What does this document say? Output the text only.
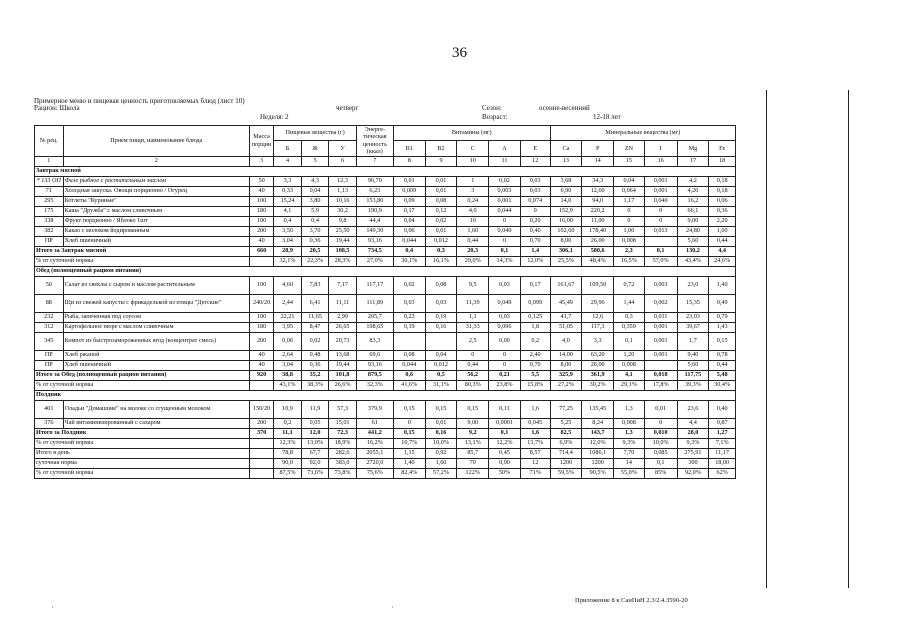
36
Примерное меню и пищевая ценность приготовляемых блюд (лист 10)
Рацион: Школа	четверг
Неделя: 2
Сезон:	осенне-весенний
Возраст:	12-18 лет
№ рец.	Прием пищи, наименование блюда	Масса порции	Пищевые вещества (г)			Энерге-тическая ценность (ккал)	Витамины (мг)					Минеральные вещества (мг)					
			Б	Ж	У		В1	В2	С	А	Е	Ca	P	ZN	I	Mg	Fe
1	2	3	4	5	6	7	8	9	10	11	12	13	14	15	16	17	18
Завтрак мясной																	
* 133 ОП	Филе рыбное с растительным маслом	50	3,3	4,3	12,3	96,70	0,01	0,01	1	0,02	0,03	3,68	34,3	0,04	0,001	4,2	0,18
71	Холодная закуска. Овощи порционно / Огурец	40	0,33	0,04	1,13	6,23	0,009	0,01	3	0,003	0,03	6,90	12,60	0,064	0,001	4,20	0,18
295	Котлеты "Куриные"	100	15,24	3,80	10,16	153,80	0,09	0,08	0,24	0,001	0,074	14,0	94,0	1,17	0,040	16,2	0,06
175	Каша "Дружба" с маслом сливочным	180	4,1	5,9	30,2	190,9	0,17	0,12	4,0	0,044	0	152,9	220,2	0	0	66,1	0,36
338	Фрукт порционно / Яблоко 1шт	100	0,4	0,4	9,8	44,4	0,04	0,02	10	0	0,20	16,00	11,00	0	0	9,00	2,20
382	Какао с молоком йодированным	200	3,50	3,70	25,50	149,30	0,06	0,01	1,60	0,040	0,40	102,60	178,40	1,00	0,013	24,80	1,00
ПР	Хлеб пшеничный	40	3,04	0,36	19,44	93,16	0,044	0,012	0,44	0	0,70	8,00	26,00	0,008		5,60	0,44
Итого за Завтрак мясной		660	28,9	20,5	108,5	734,5	0,4	0,3	20,3	0,1	1,4	306,1	580,6	2,3	0,1	130,2	4,4
% от суточной нормы			32,1%	22,3%	28,3%	27,0%	30,1%	16,1%	29,0%	14,3%	12,0%	25,5%	48,4%	16,5%	57,0%	43,4%	24,6%
Обед (полноценный рацион питания)																	
50	Салат из свеклы с сыром и маслом растительным	100	4,60	7,83	7,17	117,17	0,02	0,08	9,5	0,03	0,17	161,67	109,50	0,72	0,003	23,0	1,40
88	Щи из свежей капусты с фрикаделькой из птицы "Детские"	240/20	2,44	6,41	11,11	111,89	0,03	0,03	11,39	0,049	0,099	45,49	29,96	1,44	0,002	15,35	0,49
232	Рыба, запеченная под соусом	100	22,21	11,65	2,99	205,7	0,23	0,19	1,1	0,03	0,125	41,7	12,6	0,3	0,011	23,03	0,79
312	Картофельное пюре с маслом сливочным	180	3,95	8,47	26,65	198,65	0,19	0,16	31,33	0,096	1,8	51,05	117,3	0,359	0,001	39,67	1,43
345	Компот из быстрозамороженных ягод (концентрат смесь)	200	0,06	0,02	20,73	83,3			2,5	0,00	0,2	4,0	3,3	0,1	0,001	1,7	0,15
ПР	Хлеб ржаной	40	2,64	0,48	13,68	69,6	0,08	0,04	0	0	2,40	14,00	63,20	1,20	0,001	9,40	0,78
ПР	Хлеб пшеничный	40	3,04	0,36	19,44	93,16	0,044	0,012	0,44	0	0,70	8,00	26,00	0,008		5,60	0,44
Итого за Обед (полноценный рацион питания)		920	38,8	35,2	101,8	879,5	0,6	0,5	56,2	0,21	5,5	325,9	361,9	4,1	0,018	117,75	5,48
% от суточной нормы			43,1%	38,3%	26,6%	32,3%	41,6%	31,1%	80,3%	23,8%	15,8%	27,2%	30,2%	29,1%	17,8%	39,3%	30,4%
Полдник																	
401	Оладьи "Домашние" на молоке со сгущенным молоком	150/20	10,9	11,9	57,3	379,9	0,15	0,15	0,15	0,11	1,6	77,25	135,45	1,3	0,01	23,6	0,40
376	Чай витаминизированный с сахаром	200	0,2	0,05	15,01	61	0	0,01	9,00	0,0001	0,045	5,25	8,24	0,008	0	4,4	0,87
Итого за Полдник		370	11,1	12,0	72,3	441,2	0,15	0,16	9,2	0,1	1,6	82,5	143,7	1,3	0,010	28,0	1,27
% от суточной нормы			12,3%	13,0%	18,9%	16,2%	10,7%	10,0%	13,1%	12,2%	13,7%	6,9%	12,0%	9,3%	10,0%	9,3%	7,1%
Итого в день			78,8	67,7	282,6	2055,1	1,15	0,92	85,7	0,45	8,57	714,4	1086,1	7,70	0,085	275,91	11,17
суточная норма			90,0	92,0	383,0	2720,0	1,40	1,60	70	0,90	12	1200	1200	14	0,1	300	18,00
% от суточной нормы			87,5%	73,6%	73,8%	75,6%	82,4%	57,2%	122%	50%	71%	59,5%	90,5%	55,0%	85%	92,0%	62%
Приложение 8 к СанПиН 2.3/2.4.3590-20
ʹ	ʹ	ʹ
